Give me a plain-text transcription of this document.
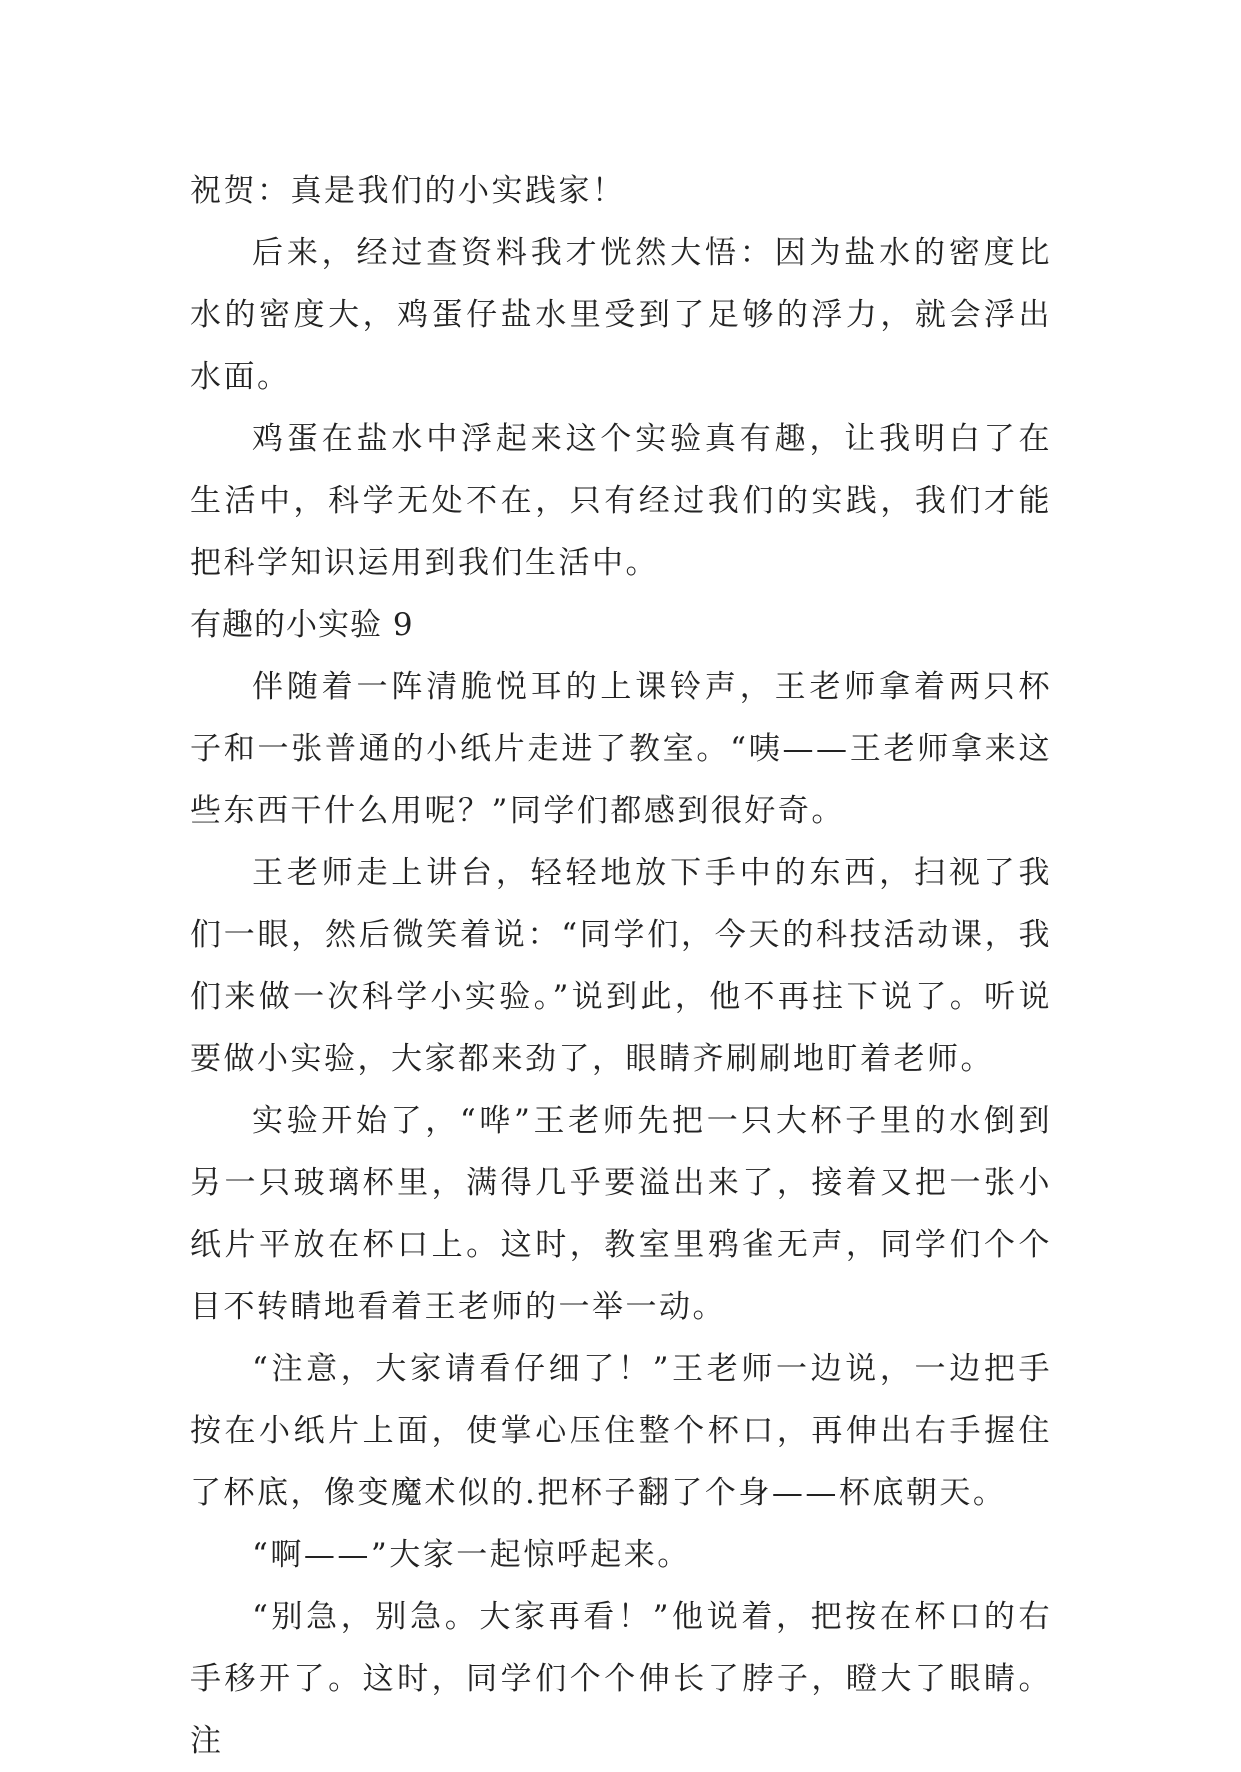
祝贺：真是我们的小实践家！

后来，经过查资料我才恍然大悟：因为盐水的密度比水的密度大，鸡蛋仔盐水里受到了足够的浮力，就会浮出水面。

鸡蛋在盐水中浮起来这个实验真有趣，让我明白了在生活中，科学无处不在，只有经过我们的实践，我们才能把科学知识运用到我们生活中。

有趣的小实验 9

伴随着一阵清脆悦耳的上课铃声，王老师拿着两只杯子和一张普通的小纸片走进了教室。“咦——王老师拿来这些东西干什么用呢？”同学们都感到很好奇。

王老师走上讲台，轻轻地放下手中的东西，扫视了我们一眼，然后微笑着说：“同学们，今天的科技活动课，我们来做一次科学小实验。”说到此，他不再拄下说了。听说要做小实验，大家都来劲了，眼睛齐刷刷地盯着老师。

实验开始了，“哗”王老师先把一只大杯子里的水倒到另一只玻璃杯里，满得几乎要溢出来了，接着又把一张小纸片平放在杯口上。这时，教室里鸦雀无声，同学们个个目不转睛地看着王老师的一举一动。

“注意，大家请看仔细了！”王老师一边说，一边把手按在小纸片上面，使掌心压住整个杯口，再伸出右手握住了杯底，像变魔术似的.把杯子翻了个身——杯底朝天。

“啊——”大家一起惊呼起来。

“别急，别急。大家再看！”他说着，把按在杯口的右手移开了。这时，同学们个个伸长了脖子，瞪大了眼睛。注
